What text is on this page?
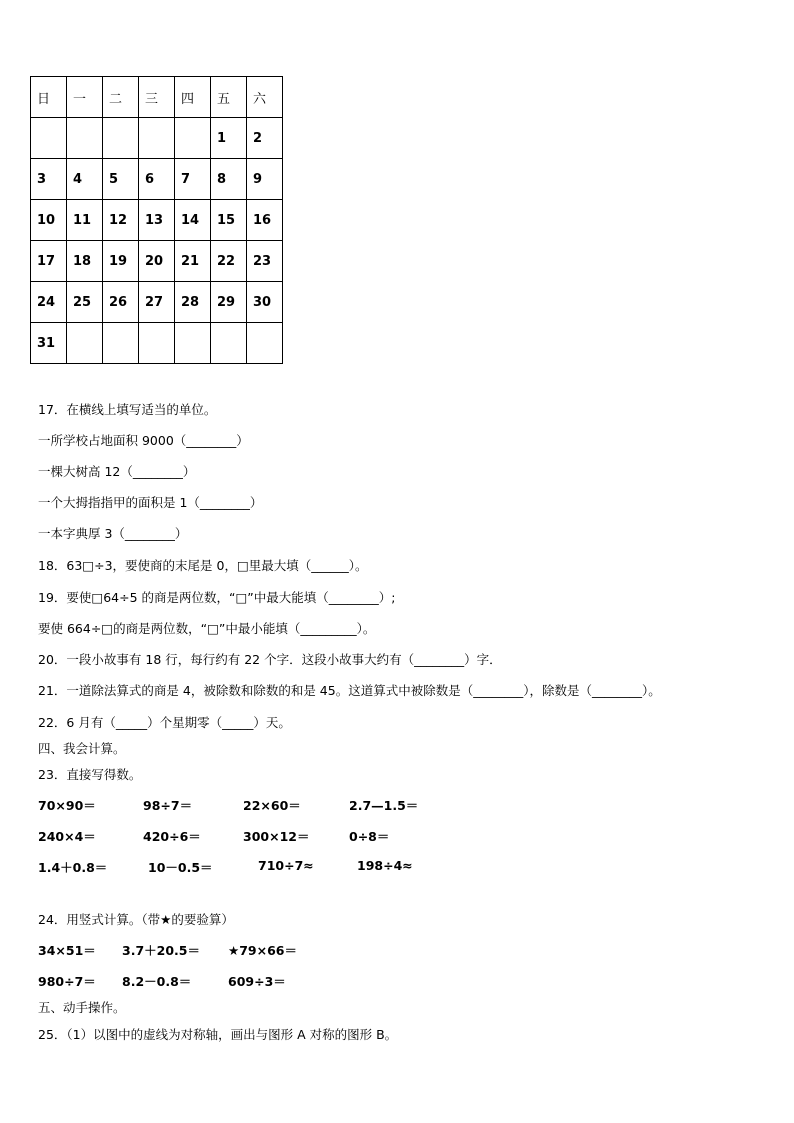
日	一	二	三	四	五	六
					1	2
3	4	5	6	7	8	9
10	11	12	13	14	15	16
17	18	19	20	21	22	23
24	25	26	27	28	29	30
31						
17．在横线上填写适当的单位。
一所学校占地面积 9000（________）
一棵大树高 12（________）
一个大拇指指甲的面积是 1（________）
一本字典厚 3（________）
18．63□÷3，要使商的末尾是 0，□里最大填（______）。
19．要使□64÷5 的商是两位数，“□”中最大能填（________）;
要使 664÷□的商是两位数，“□”中最小能填（_________）。
20．一段小故事有 18 行，每行约有 22 个字．这段小故事大约有（________）字．
21．一道除法算式的商是 4，被除数和除数的和是 45。这道算式中被除数是（________），除数是（________）。
22．6 月有（_____）个星期零（_____）天。
四、我会计算。
23．直接写得数。
70×90＝	98÷7＝	22×60＝	2.7—1.5＝
240×4＝	420÷6＝	300×12＝	0÷8＝
1.4＋0.8＝	10－0.5＝	710÷7≈	198÷4≈
24．用竖式计算。（带★的要验算）
34×51＝ 3.7＋20.5＝ ★79×66＝
980÷7＝ 8.2－0.8＝	609÷3＝
五、动手操作。
25．（1）以图中的虚线为对称轴，画出与图形 A 对称的图形 B。
